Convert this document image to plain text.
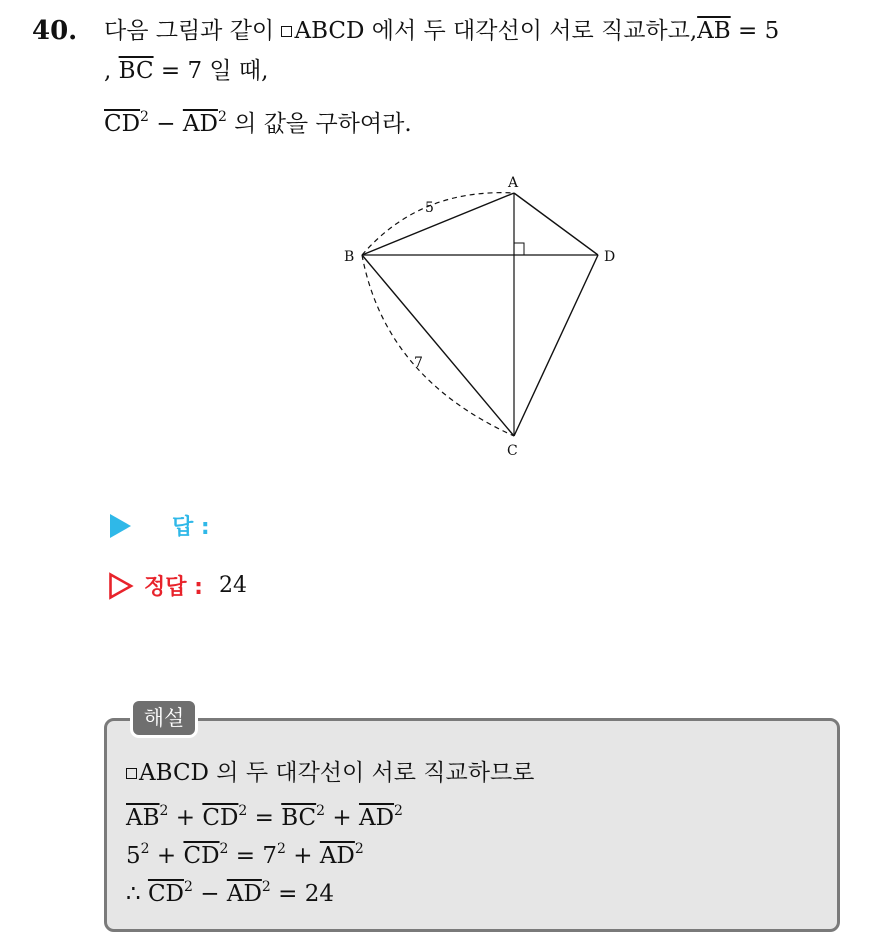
40. 다음 그림과 같이 ABCD 에서 두 대각선이 서로 직교하고$,\overline{AB} = 5$
, $\overline{BC} = 7$ 일 때,
$\overline{CD}^2 - \overline{AD}^2$ 의 값을 구하여라.
A
B	D
C
5
7
답 :
정답 : 24
해설
ABCD 의 두 대각선이 서로 직교하므로
$\overline{AB}^2 + \overline{CD}^2 = \overline{BC}^2 + \overline{AD}^2$
$5^2 + \overline{CD}^2 = 7^2 + \overline{AD}^2$
∴ $\overline{CD}^2 - \overline{AD}^2 = 24$
